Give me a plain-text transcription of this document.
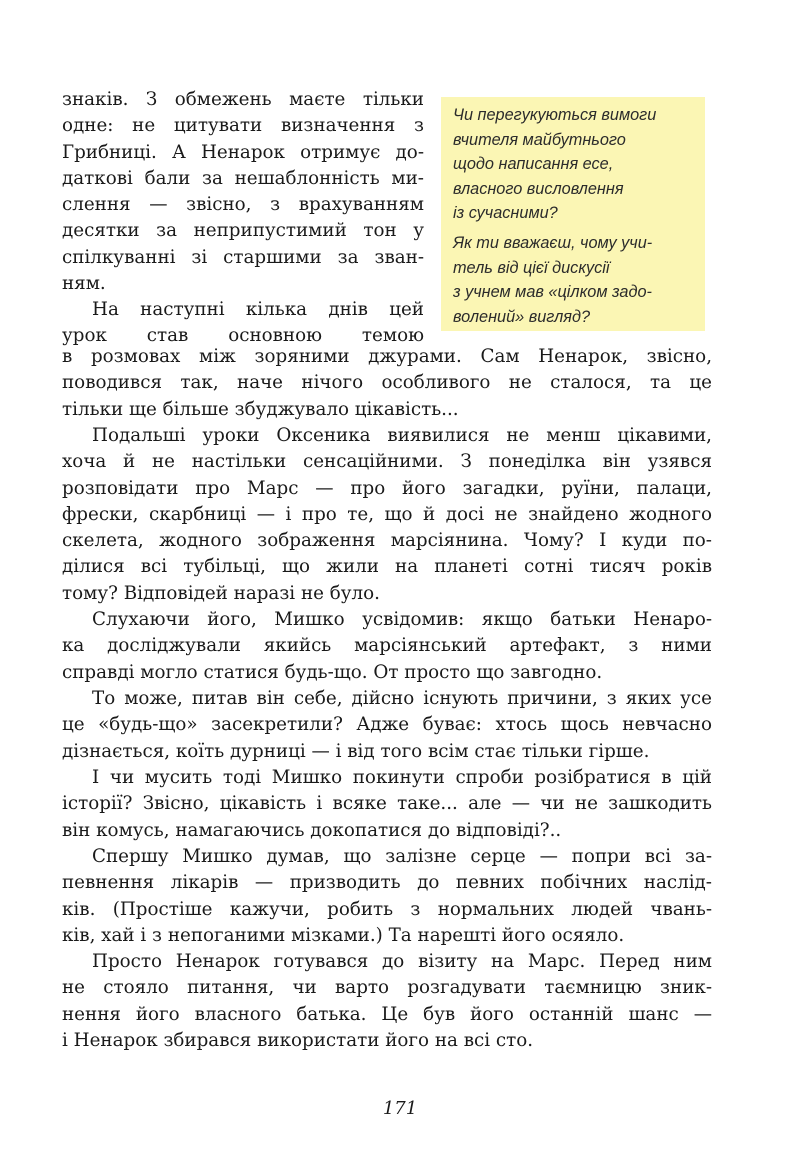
Чи перегукуються вимоги
вчителя майбутнього
щодо написання есе,
власного висловлення
із сучасними?

Як ти вважаєш, чому учи-
тель від цієї дискусії
з учнем мав «цілком задо-
волений» вигляд?

знаків. З обмежень маєте тільки
одне: не цитувати визначення з
Грибниці. А Ненарок отримує до-
даткові бали за нешаблонність ми-
слення — звісно, з врахуванням
десятки за неприпустимий тон у
спілкуванні зі старшими за зван-
ням.
На наступні кілька днів цей
урок став основною темою
в розмовах між зоряними джурами. Сам Ненарок, звісно,
поводився так, наче нічого особливого не сталося, та це
тільки ще більше збуджувало цікавість...
Подальші уроки Оксеника виявилися не менш цікавими,
хоча й не настільки сенсаційними. З понеділка він узявся
розповідати про Марс — про його загадки, руїни, палаци,
фрески, скарбниці — і про те, що й досі не знайдено жодного
скелета, жодного зображення марсіянина. Чому? І куди по-
ділися всі тубільці, що жили на планеті сотні тисяч років
тому? Відповідей наразі не було.
Слухаючи його, Мишко усвідомив: якщо батьки Ненаро-
ка досліджували якийсь марсіянський артефакт, з ними
справді могло статися будь-що. От просто що завгодно.
То може, питав він себе, дійсно існують причини, з яких усе
це «будь-що» засекретили? Адже буває: хтось щось невчасно
дізнається, коїть дурниці — і від того всім стає тільки гірше.
І чи мусить тоді Мишко покинути спроби розібратися в цій
історії? Звісно, цікавість і всяке таке... але — чи не зашкодить
він комусь, намагаючись докопатися до відповіді?..
Спершу Мишко думав, що залізне серце — попри всі за-
певнення лікарів — призводить до певних побічних наслід-
ків. (Простіше кажучи, робить з нормальних людей чвань-
ків, хай і з непоганими мізками.) Та нарешті його осяяло.
Просто Ненарок готувався до візиту на Марс. Перед ним
не стояло питання, чи варто розгадувати таємницю зник-
нення його власного батька. Це був його останній шанс —
і Ненарок збирався використати його на всі сто.
171
